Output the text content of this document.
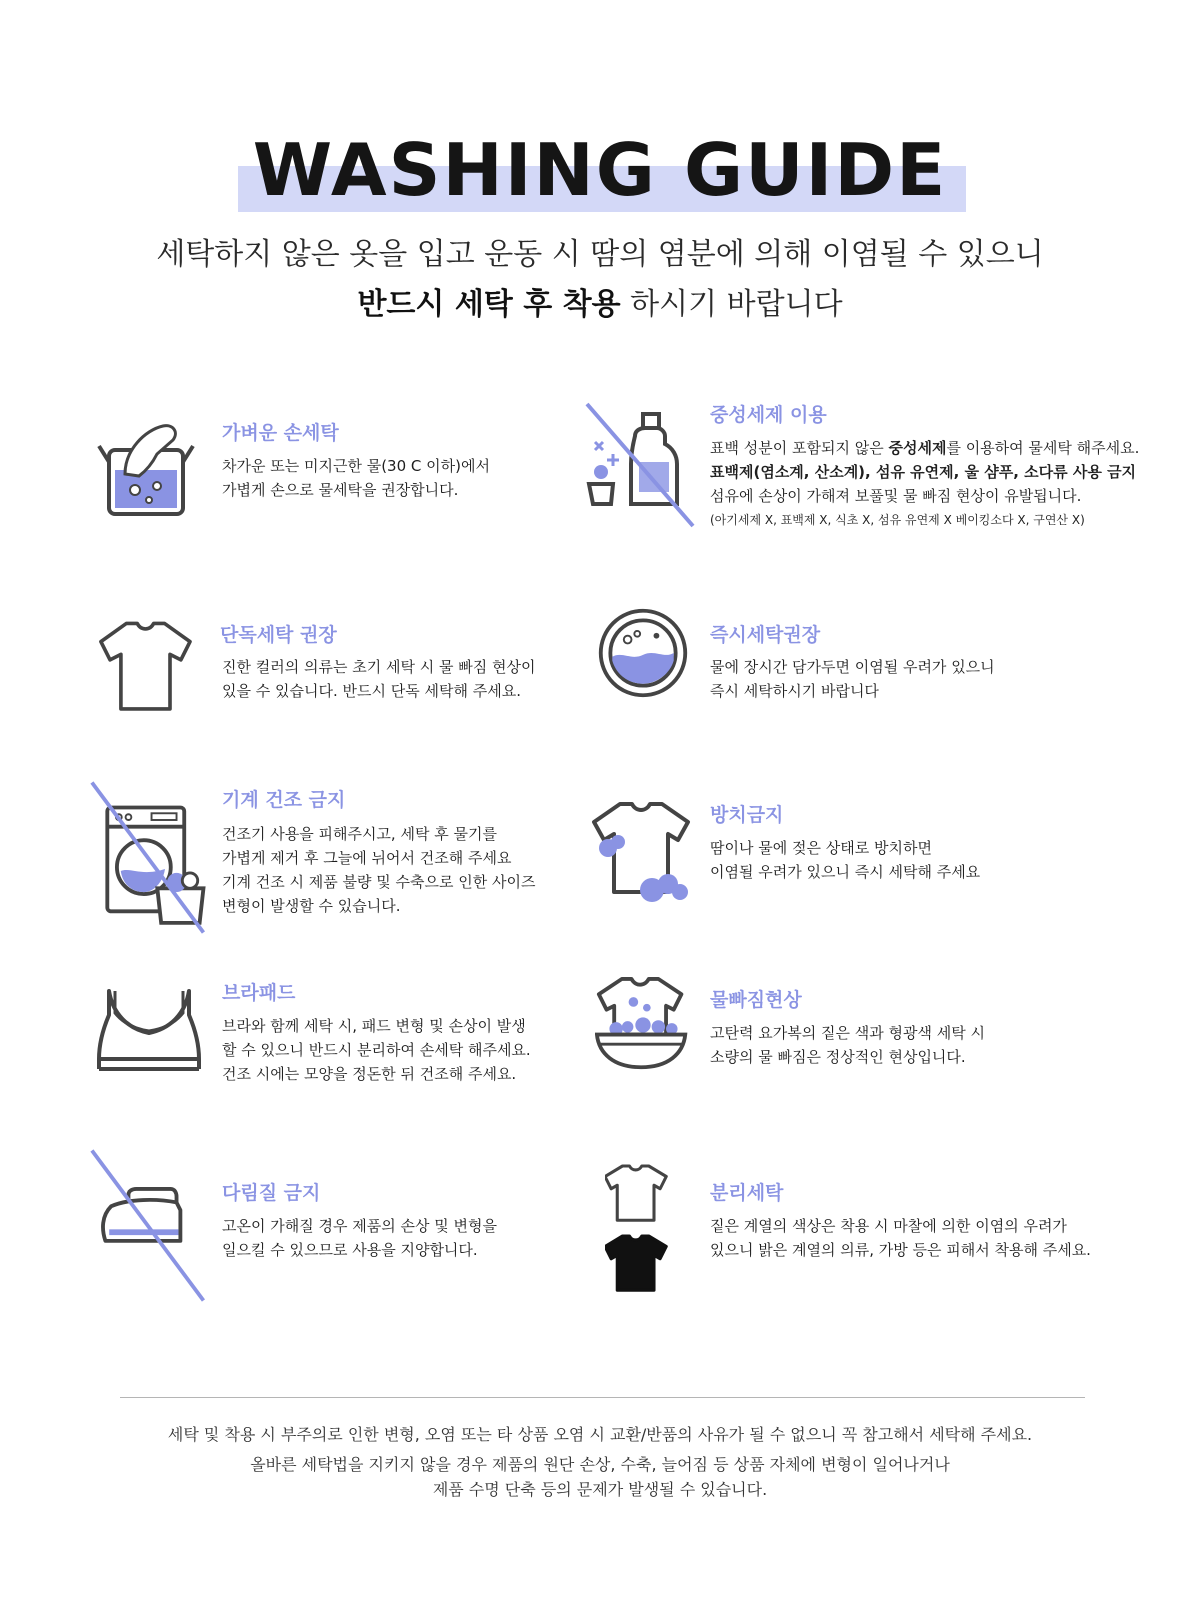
WASHING GUIDE
세탁하지 않은 옷을 입고 운동 시 땀의 염분에 의해 이염될 수 있으니
반드시 세탁 후 착용 하시기 바랍니다
가벼운 손세탁
차가운 또는 미지근한 물(30 C 이하)에서
가볍게 손으로 물세탁을 권장합니다.
중성세제 이용
표백 성분이 포함되지 않은 중성세제를 이용하여 물세탁 해주세요.
표백제(염소계, 산소계), 섬유 유연제, 울 샴푸, 소다류 사용 금지
섬유에 손상이 가해져 보풀및 물 빠짐 현상이 유발됩니다.
(아기세제 X, 표백제 X, 식초 X, 섬유 유연제 X 베이킹소다 X, 구연산 X)
단독세탁 권장
진한 컬러의 의류는 초기 세탁 시 물 빠짐 현상이
있을 수 있습니다. 반드시 단독 세탁해 주세요.
즉시세탁권장
물에 장시간 담가두면 이염될 우려가 있으니
즉시 세탁하시기 바랍니다
기계 건조 금지
건조기 사용을 피해주시고, 세탁 후 물기를
가볍게 제거 후 그늘에 뉘어서 건조해 주세요
기계 건조 시 제품 불량 및 수축으로 인한 사이즈
변형이 발생할 수 있습니다.
방치금지
땀이나 물에 젖은 상태로 방치하면
이염될 우려가 있으니 즉시 세탁해 주세요
브라패드
브라와 함께 세탁 시, 패드 변형 및 손상이 발생
할 수 있으니 반드시 분리하여 손세탁 해주세요.
건조 시에는 모양을 정돈한 뒤 건조해 주세요.
물빠짐현상
고탄력 요가복의 짙은 색과 형광색 세탁 시
소량의 물 빠짐은 정상적인 현상입니다.
다림질 금지
고온이 가해질 경우 제품의 손상 및 변형을
일으킬 수 있으므로 사용을 지양합니다.
분리세탁
짙은 계열의 색상은 착용 시 마찰에 의한 이염의 우려가
있으니 밝은 계열의 의류, 가방 등은 피해서 착용해 주세요.
세탁 및 착용 시 부주의로 인한 변형, 오염 또는 타 상품 오염 시 교환/반품의 사유가 될 수 없으니 꼭 참고해서 세탁해 주세요.
올바른 세탁법을 지키지 않을 경우 제품의 원단 손상, 수축, 늘어짐 등 상품 자체에 변형이 일어나거나
제품 수명 단축 등의 문제가 발생될 수 있습니다.
